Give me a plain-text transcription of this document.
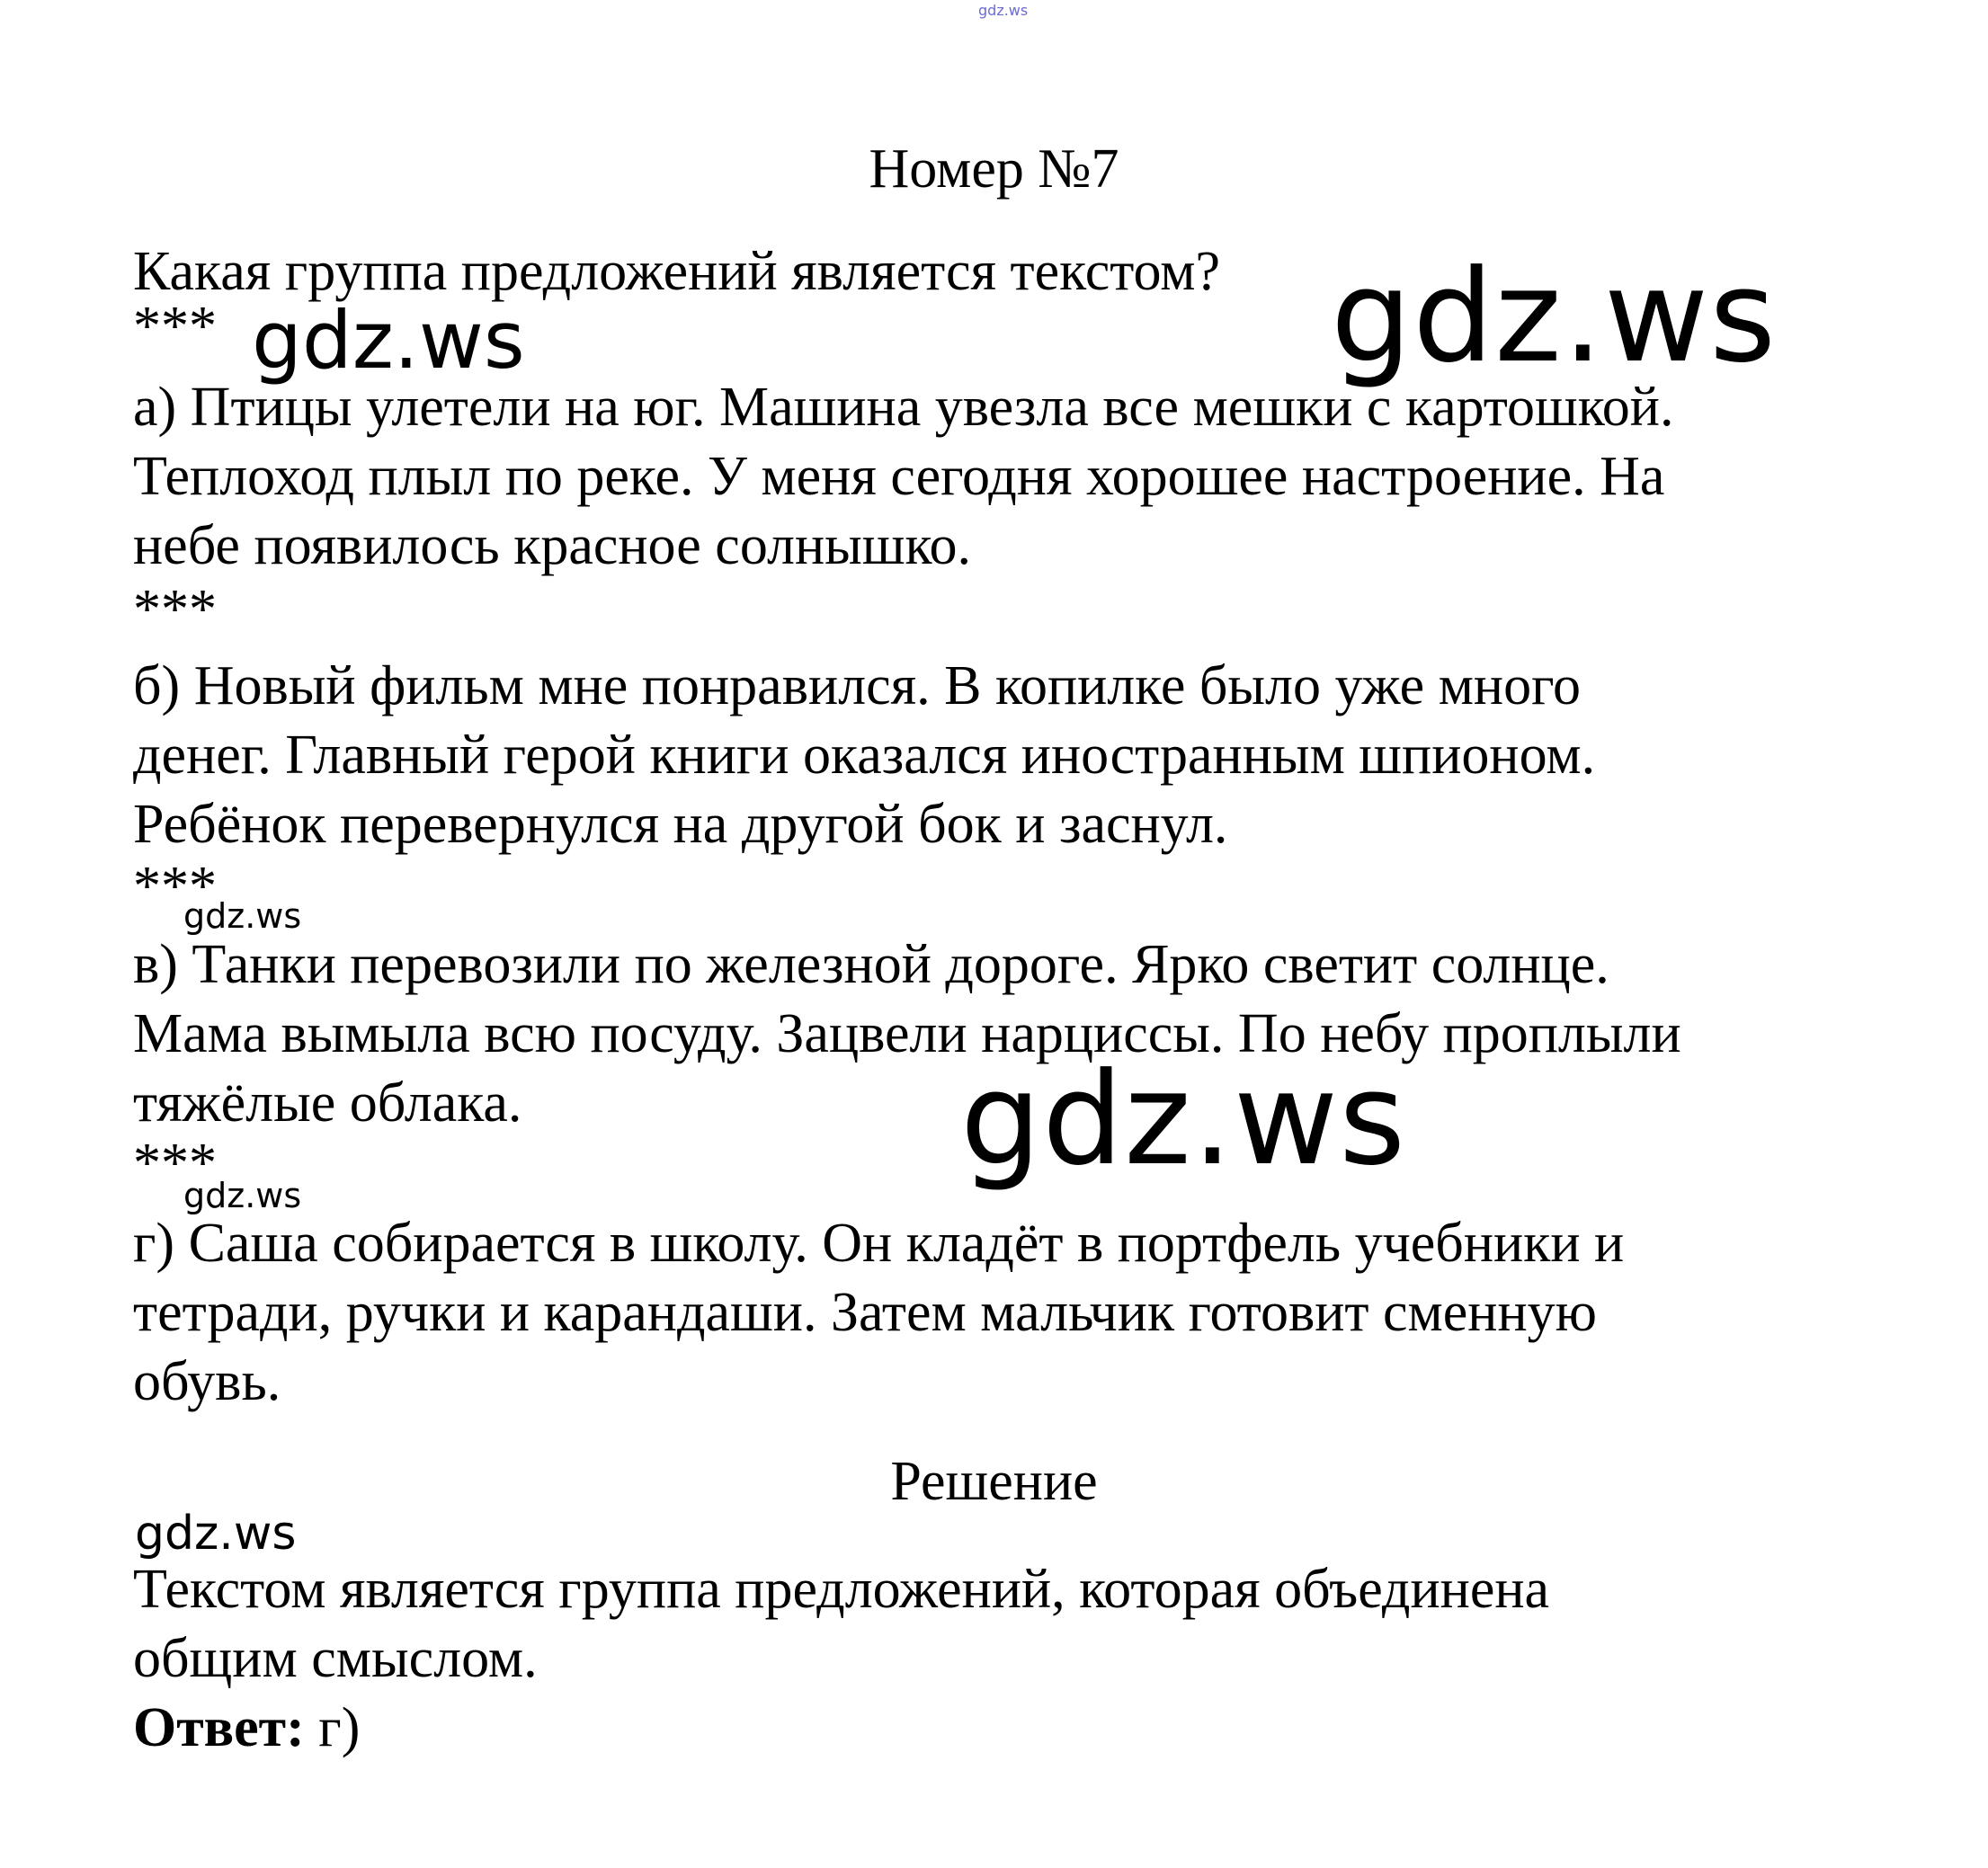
gdz.ws
Номер №7
Какая группа предложений является текстом? gdz.ws
*** gdz.ws
а) Птицы улетели на юг. Машина увезла все мешки с картошкой.
Теплоход плыл по реке. У меня сегодня хорошее настроение. На
небе появилось красное солнышко.
***
б) Новый фильм мне понравился. В копилке было уже много
денег. Главный герой книги оказался иностранным шпионом.
Ребёнок перевернулся на другой бок и заснул.
***
gdz.ws
в) Танки перевозили по железной дороге. Ярко светит солнце.
Мама вымыла всю посуду. Зацвели нарциссы. По небу проплыли
тяжёлые облака.	gdz.ws
***
gdz.ws
г) Саша собирается в школу. Он кладёт в портфель учебники и
тетради, ручки и карандаши. Затем мальчик готовит сменную
обувь.
Решение
gdz.ws
Текстом является группа предложений, которая объединена
общим смыслом.
Ответ: г)
